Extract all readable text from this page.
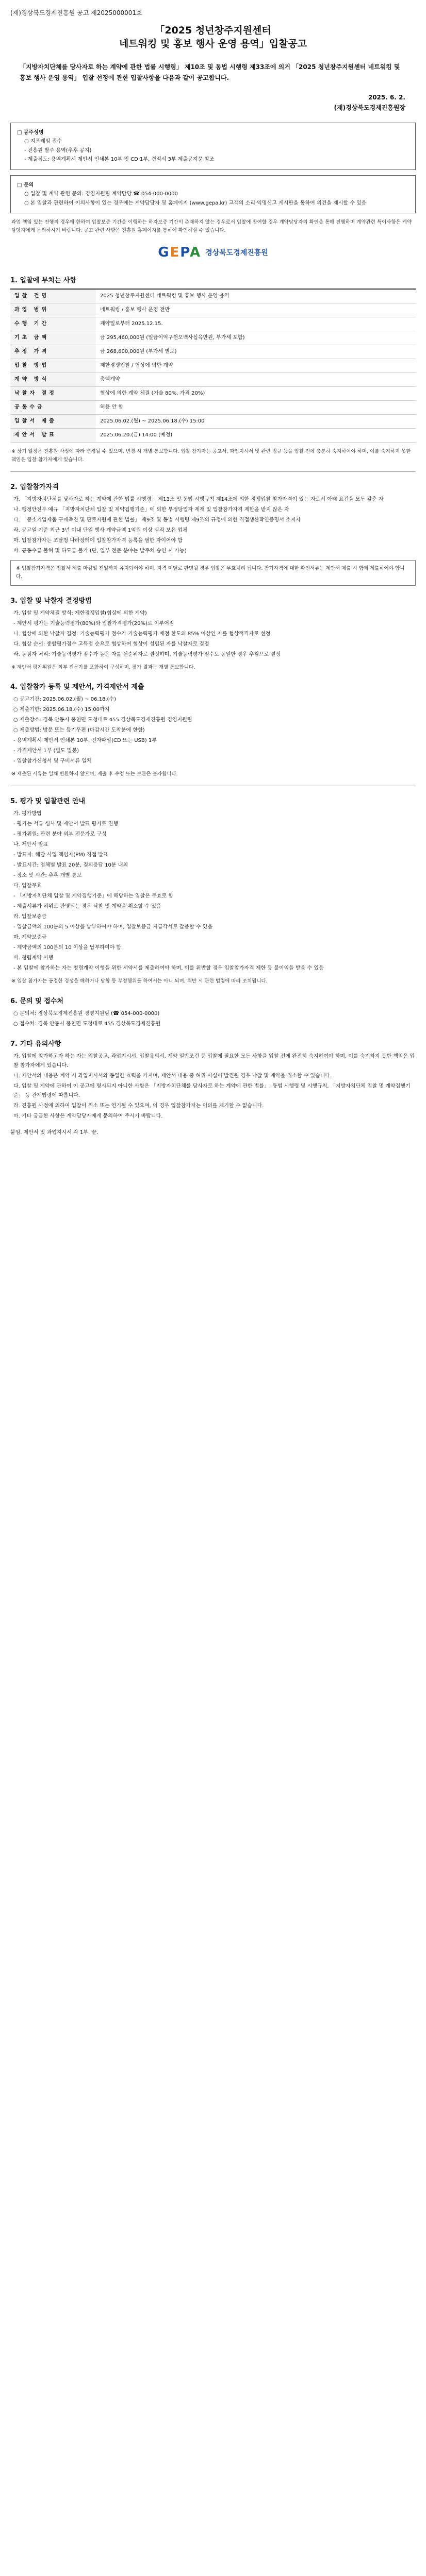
(재)경상북도경제진흥원 공고 제2025000001호
「2025 청년창주지원센터
네트워킹 및 홍보 행사 운영 용역」입찰공고
「지방자치단체를 당사자로 하는 계약에 관한 법률 시행령」 제10조 및 동법 시행령 제33조에 의거 「2025 청년창주지원센터 네트워킹 및 홍보 행사 운영 용역」 입찰 선정에 관한 입찰사항을 다음과 같이 공고합니다.
2025. 6. 2.
(재)경상북도경제진흥원장
□ 공주성명
○ 지프레임 접수
- 진흥원 발주 용역(추후 공지)
- 제출정도: 용역계획서 제안서 인쇄본 10부 및 CD 1부, 견적서 3부 제출공지문 참조
□ 문의
○ 입찰 및 계약 관련 문의: 경영지원팀 계약담당 ☎ 054-000-0000
○ 본 입찰과 관련하여 이의사항이 있는 경우에는 계약담당자 및 홈페이지 (www.gepa.kr) 고객의 소리·익명신고 게시판을 통하여 의견을 제시할 수 있음
과업 책임 있는 진행의 경우에 한하여 입찰보증 기간을 이행하는 하자보증 기간이 존재하지 않는 경우로서 입찰에 참여할 경우 계약담당자의 확인을 통해 진행하며 계약관련 특이사항은 계약담당자에게 문의하시기 바랍니다. 공고 관련 사항은 진흥원 홈페이지를 통하여 확인하실 수 있습니다.
GEPA 경상북도경제진흥원
1. 입찰에 부치는 사항
입찰 건명	2025 청년창주지원센터 네트워킹 및 홍보 행사 운영 용역
과업 범위	네트워킹 / 홍보 행사 운영 전반
수행 기간	계약일로부터 2025.12.15.
기초 금액	금 295,460,000원 (일금이억구천오백사십육만원, 부가세 포함)
추정 가격	금 268,600,000원 (부가세 별도)
입찰 방법	제한경쟁입찰 / 협상에 의한 계약
계약 방식	총액계약
낙찰자 결정	협상에 의한 계약 체결 (기술 80%, 가격 20%)
공동수급	허용 안 함
입찰서 제출	2025.06.02.(월) ~ 2025.06.18.(수) 15:00
제안서 발표	2025.06.20.(금) 14:00 (예정)
※ 상기 일정은 진흥원 사정에 따라 변경될 수 있으며, 변경 시 개별 통보합니다. 입찰 참가자는 공고서, 과업지시서 및 관련 법규 등을 입찰 전에 충분히 숙지하여야 하며, 이를 숙지하지 못한 책임은 입찰 참가자에게 있습니다.
2. 입찰참가자격
가. 「지방자치단체를 당사자로 하는 계약에 관한 법률 시행령」 제13조 및 동법 시행규칙 제14조에 의한 경쟁입찰 참가자격이 있는 자로서 아래 요건을 모두 갖춘 자
나. 행정안전부 예규 「지방자치단체 입찰 및 계약집행기준」에 의한 부정당업자 제재 및 입찰참가자격 제한을 받지 않은 자
다. 「중소기업제품 구매촉진 및 판로지원에 관한 법률」 제9조 및 동법 시행령 제9조의 규정에 의한 직접생산확인증명서 소지자
라. 공고일 기준 최근 3년 이내 단일 행사 계약금액 1억원 이상 실적 보유 업체
마. 입찰참가자는 조달청 나라장터에 입찰참가자격 등록을 필한 자이어야 함
바. 공동수급 불허 및 하도급 불가 (단, 일부 전문 분야는 발주처 승인 시 가능)
※ 입찰참가자격은 입찰서 제출 마감일 전일까지 유지되어야 하며, 자격 미달로 판명될 경우 입찰은 무효처리 됩니다. 참가자격에 대한 확인서류는 제안서 제출 시 함께 제출하여야 합니다.
3. 입찰 및 낙찰자 결정방법
가. 입찰 및 계약체결 방식: 제한경쟁입찰(협상에 의한 계약)
- 제안서 평가는 기술능력평가(80%)와 입찰가격평가(20%)로 이루어짐
나. 협상에 의한 낙찰자 결정: 기술능력평가 점수가 기술능력평가 배점 한도의 85% 이상인 자를 협상적격자로 선정
다. 협상 순서: 종합평가점수 고득점 순으로 협상하여 협상이 성립된 자를 낙찰자로 결정
라. 동점자 처리: 기술능력평가 점수가 높은 자를 선순위자로 결정하며, 기술능력평가 점수도 동일한 경우 추첨으로 결정
※ 제안서 평가위원은 외부 전문가를 포함하여 구성하며, 평가 결과는 개별 통보합니다.
4. 입찰참가 등록 및 제안서, 가격제안서 제출
○ 공고기간: 2025.06.02.(월) ~ 06.18.(수)
○ 제출기한: 2025.06.18.(수) 15:00까지
○ 제출장소: 경북 안동시 풍천면 도청대로 455 경상북도경제진흥원 경영지원팀
○ 제출방법: 방문 또는 등기우편 (마감시간 도착분에 한함)
- 용역계획서 제안서 인쇄본 10부, 전자파일(CD 또는 USB) 1부
- 가격제안서 1부 (별도 밀봉)
- 입찰참가신청서 및 구비서류 일체
※ 제출된 서류는 일체 반환하지 않으며, 제출 후 수정 또는 보완은 불가합니다.
5. 평가 및 입찰관련 안내
가. 평가방법
- 평가는 서류 심사 및 제안서 발표 평가로 진행
- 평가위원: 관련 분야 외부 전문가로 구성
나. 제안서 발표
- 발표자: 해당 사업 책임자(PM) 직접 발표
- 발표시간: 업체별 발표 20분, 질의응답 10분 내외
- 장소 및 시간: 추후 개별 통보
다. 입찰무효
- 「지방자치단체 입찰 및 계약집행기준」에 해당하는 입찰은 무효로 함
- 제출서류가 허위로 판명되는 경우 낙찰 및 계약을 취소할 수 있음
라. 입찰보증금
- 입찰금액의 100분의 5 이상을 납부하여야 하며, 입찰보증금 지급각서로 갈음할 수 있음
마. 계약보증금
- 계약금액의 100분의 10 이상을 납부하여야 함
바. 청렴계약 이행
- 본 입찰에 참가하는 자는 청렴계약 이행을 위한 서약서를 제출하여야 하며, 이를 위반할 경우 입찰참가자격 제한 등 불이익을 받을 수 있음
※ 입찰 참가자는 공정한 경쟁을 해하거나 담합 등 부정행위를 하여서는 아니 되며, 위반 시 관련 법령에 따라 조치됩니다.
6. 문의 및 접수처
○ 문의처: 경상북도경제진흥원 경영지원팀 (☎ 054-000-0000)
○ 접수처: 경북 안동시 풍천면 도청대로 455 경상북도경제진흥원
7. 기타 유의사항
가. 입찰에 참가하고자 하는 자는 입찰공고, 과업지시서, 입찰유의서, 계약 일반조건 등 입찰에 필요한 모든 사항을 입찰 전에 완전히 숙지하여야 하며, 이를 숙지하지 못한 책임은 입찰 참가자에게 있습니다.
나. 제안서의 내용은 계약 시 과업지시서와 동일한 효력을 가지며, 제안서 내용 중 허위 사실이 발견될 경우 낙찰 및 계약을 취소할 수 있습니다.
다. 입찰 및 계약에 관하여 이 공고에 명시되지 아니한 사항은 「지방자치단체를 당사자로 하는 계약에 관한 법률」, 동법 시행령 및 시행규칙, 「지방자치단체 입찰 및 계약집행기준」 등 관계법령에 따릅니다.
라. 진흥원 사정에 의하여 입찰이 취소 또는 연기될 수 있으며, 이 경우 입찰참가자는 이의를 제기할 수 없습니다.
마. 기타 궁금한 사항은 계약담당자에게 문의하여 주시기 바랍니다.
붙임. 제안서 및 과업지시서 각 1부. 끝.
